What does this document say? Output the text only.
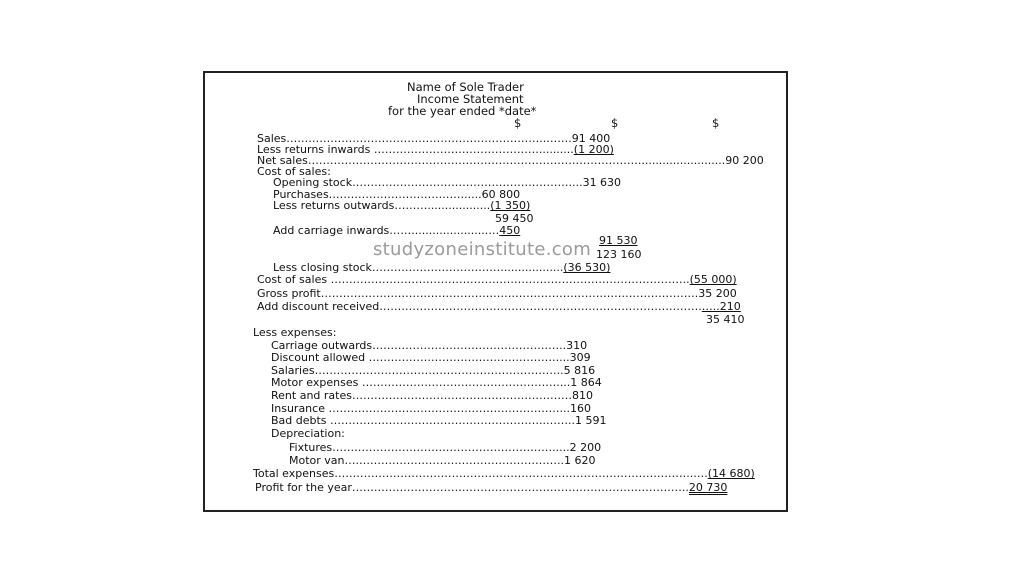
Name of Sole Trader
Income Statement
for the year ended *date*
$	$	$
Sales……………………………………………………………..…….91 400
Less returns inwards ………………………………………..........(1 200)
Net sales……………………………………………………………………………….........................90 200
Cost of sales:
Opening stock……………………………………………………...31 630
Purchases………………………….…….....60 800
Less returns outwards………..................(1 350)
59 450
Add carriage inwards……......................…450
91 530
123 160
Less closing stock……………………………….................(36 530)
Cost of sales ……………………………………………………………………………………..(55 000)
Gross profit………………………………………………………………………………………….35 200
Add discount received…………………………………………………………………………….…..210
35 410
Less expenses:
Carriage outwards……………………………………………..310
Discount allowed ……………………………………………....309
Salaries…………………………………………………………..5 816
Motor expenses ………………………………………………...1 864
Rent and rates……………………………………………………810
Insurance ………………………………………………………...160
Bad debts …………………………………………………..……..1 591
Depreciation:
Fixtures…………………………………………………….....2 200
Motor van….………………………………………………..1 620
Total expenses……………………………………………………………………………………..….(14 680)
Profit for the year………………………………………………………………………………..20 730
studyzoneinstitute.com
